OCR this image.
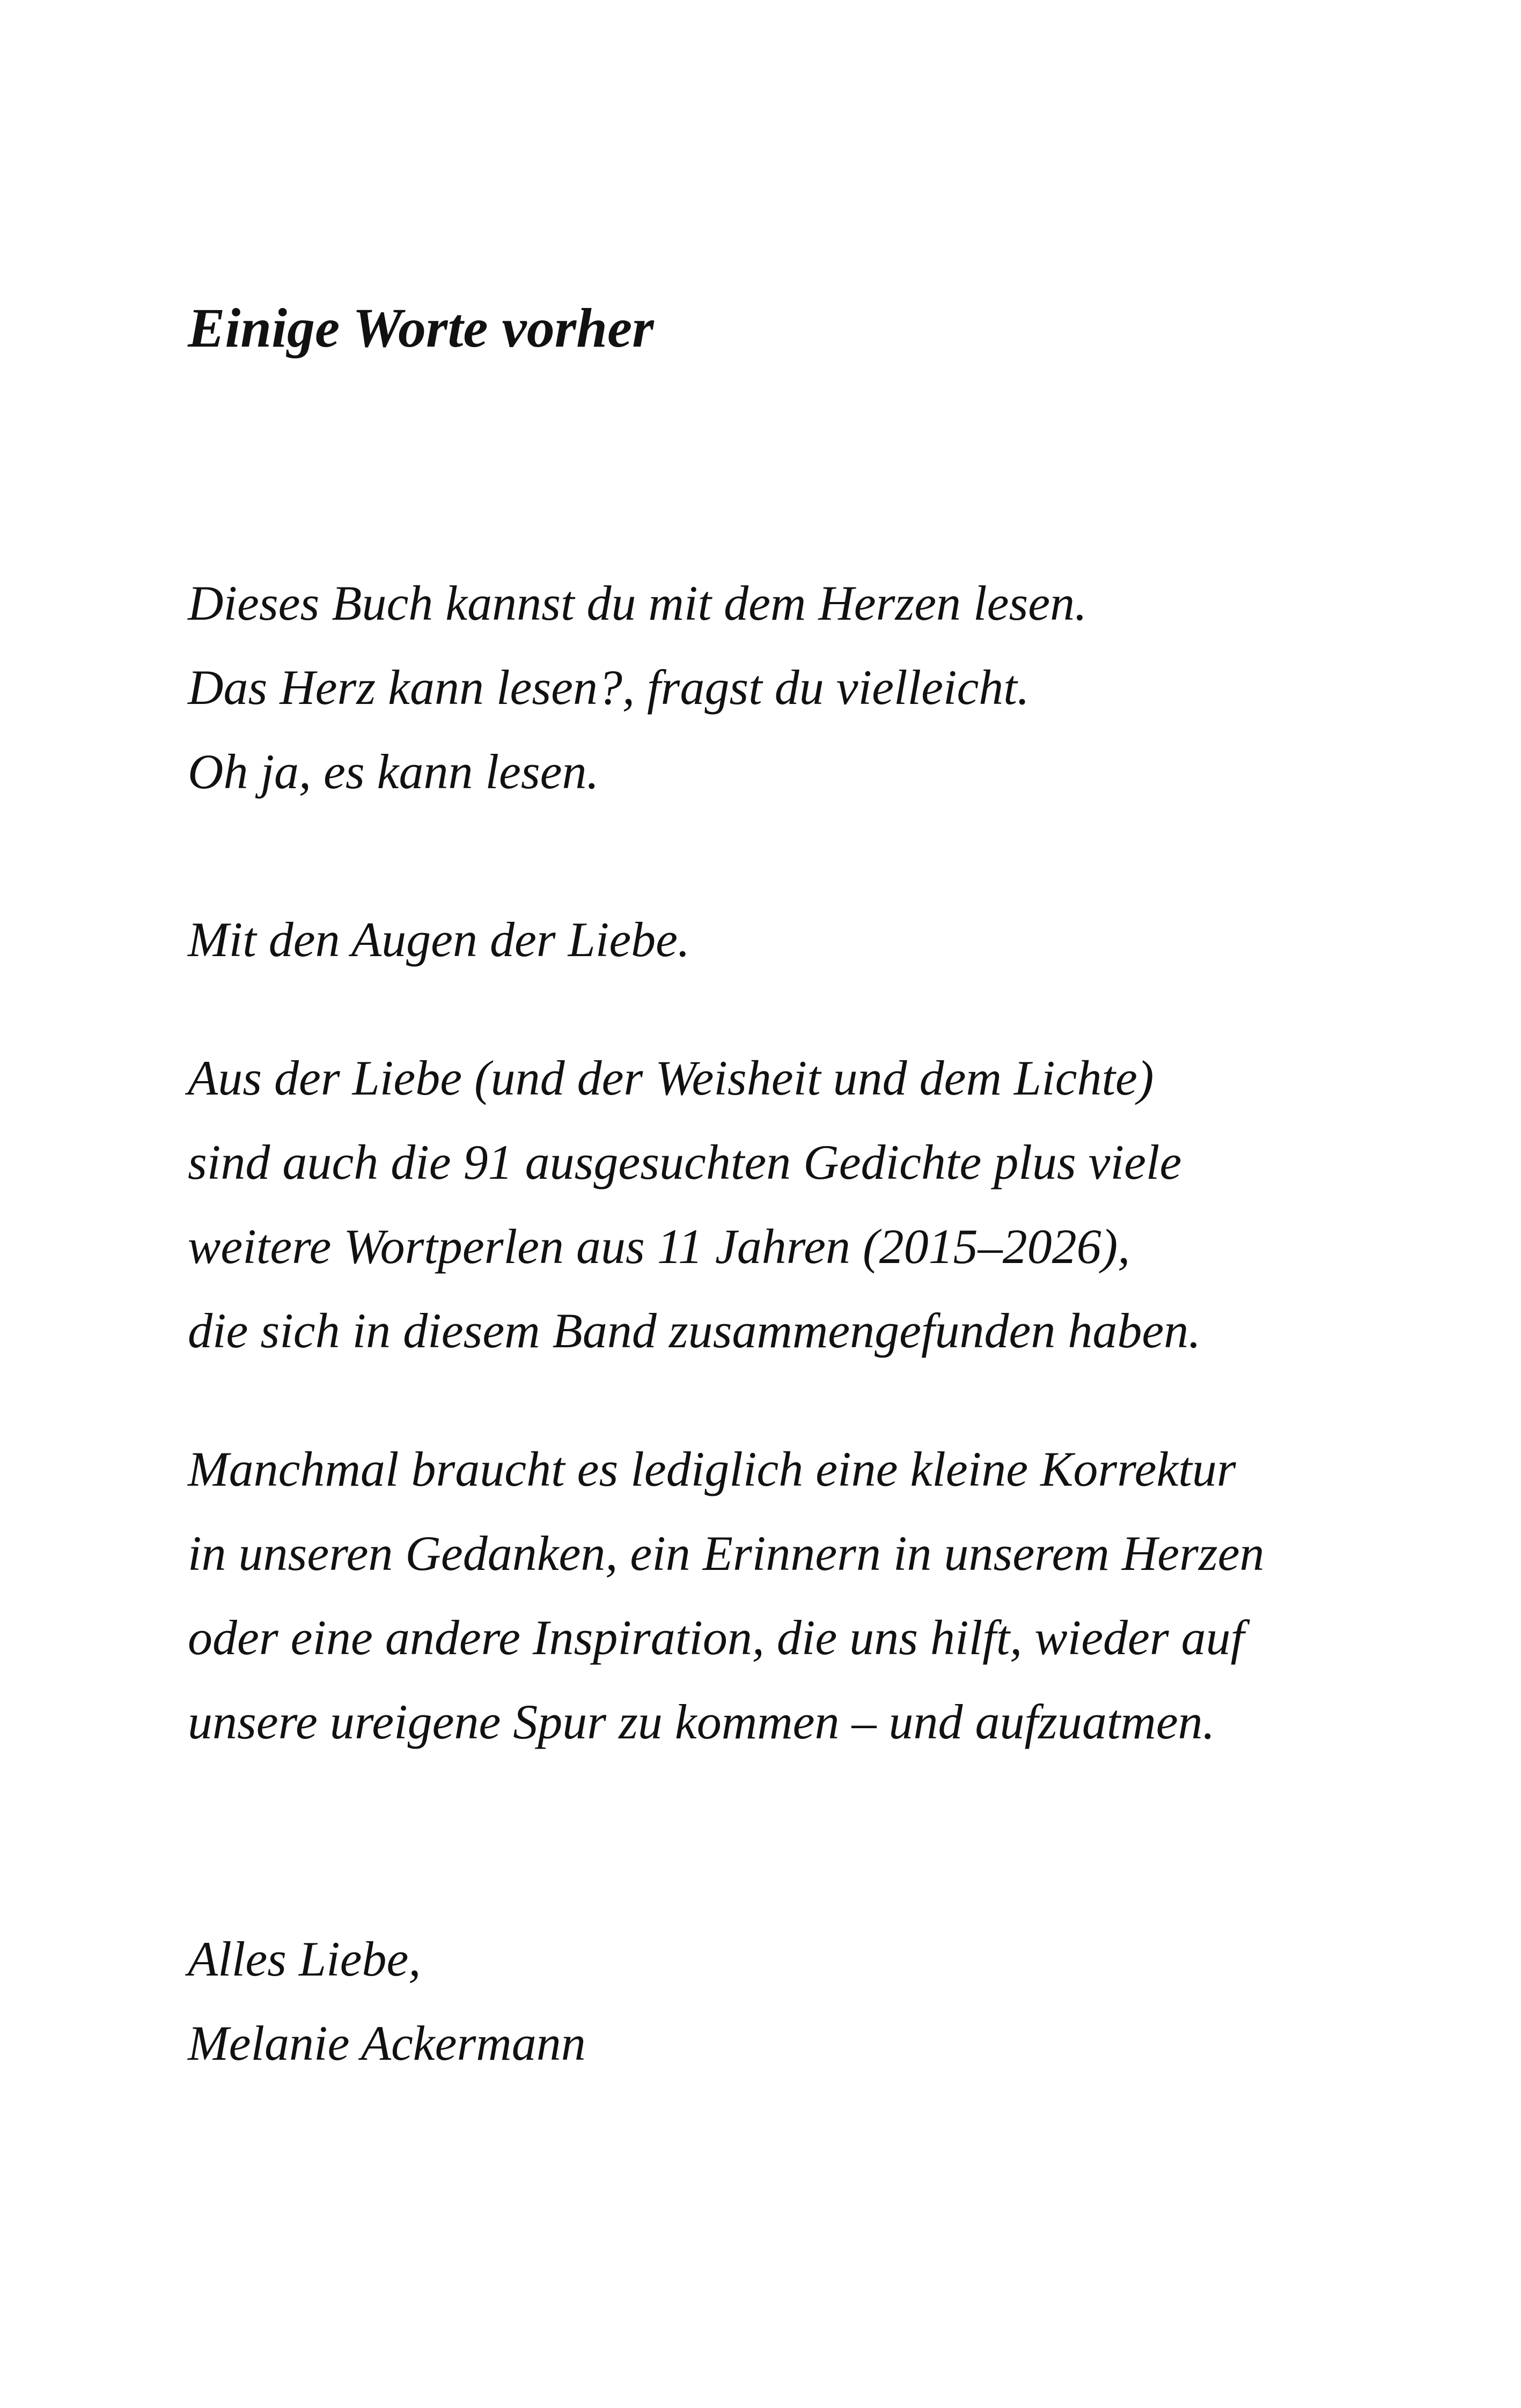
Einige Worte vorher

Dieses Buch kannst du mit dem Herzen lesen.

Das Herz kann lesen?, fragst du vielleicht.

Oh ja, es kann lesen.

Mit den Augen der Liebe.

Aus der Liebe (und der Weisheit und dem Lichte)

sind auch die 91 ausgesuchten Gedichte plus viele

weitere Wortperlen aus 11 Jahren (2015–2026),

die sich in diesem Band zusammengefunden haben.

Manchmal braucht es lediglich eine kleine Korrektur

in unseren Gedanken, ein Erinnern in unserem Herzen

oder eine andere Inspiration, die uns hilft, wieder auf

unsere ureigene Spur zu kommen – und aufzuatmen.

Alles Liebe,

Melanie Ackermann
